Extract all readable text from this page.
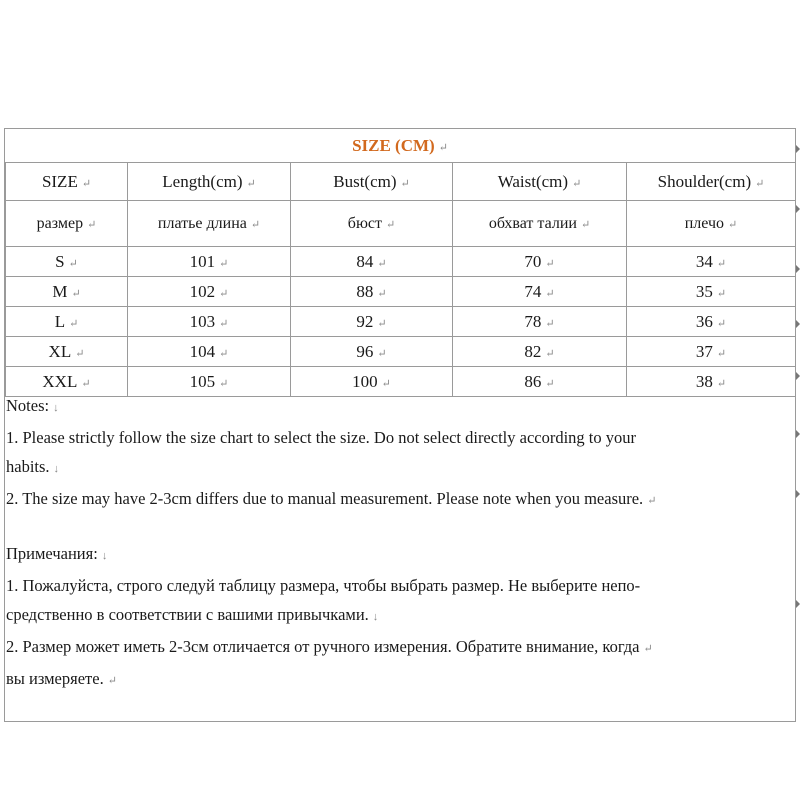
SIZE (CM) ↵
SIZE ↵	Length(cm) ↵	Bust(cm) ↵	Waist(cm) ↵	Shoulder(cm) ↵
размер ↵	платье длина ↵	бюст ↵	обхват талии ↵	плечо ↵
S ↵	101 ↵	84 ↵	70 ↵	34 ↵
M ↵	102 ↵	88 ↵	74 ↵	35 ↵
L ↵	103 ↵	92 ↵	78 ↵	36 ↵
XL ↵	104 ↵	96 ↵	82 ↵	37 ↵
XXL ↵	105 ↵	100 ↵	86 ↵	38 ↵

Notes: ↓

1. Please strictly follow the size chart to select the size. Do not select directly according to your

habits. ↓

2. The size may have 2-3cm differs due to manual measurement. Please note when you measure. ↵

Примечания: ↓

1. Пожалуйста, строго следуй таблицу размера, чтобы выбрать размер. Не выберите непо-

средственно в соответствии с вашими привычками. ↓

2. Размер может иметь 2-3см отличается от ручного измерения. Обратите внимание, когда ↵

вы измеряете. ↵
